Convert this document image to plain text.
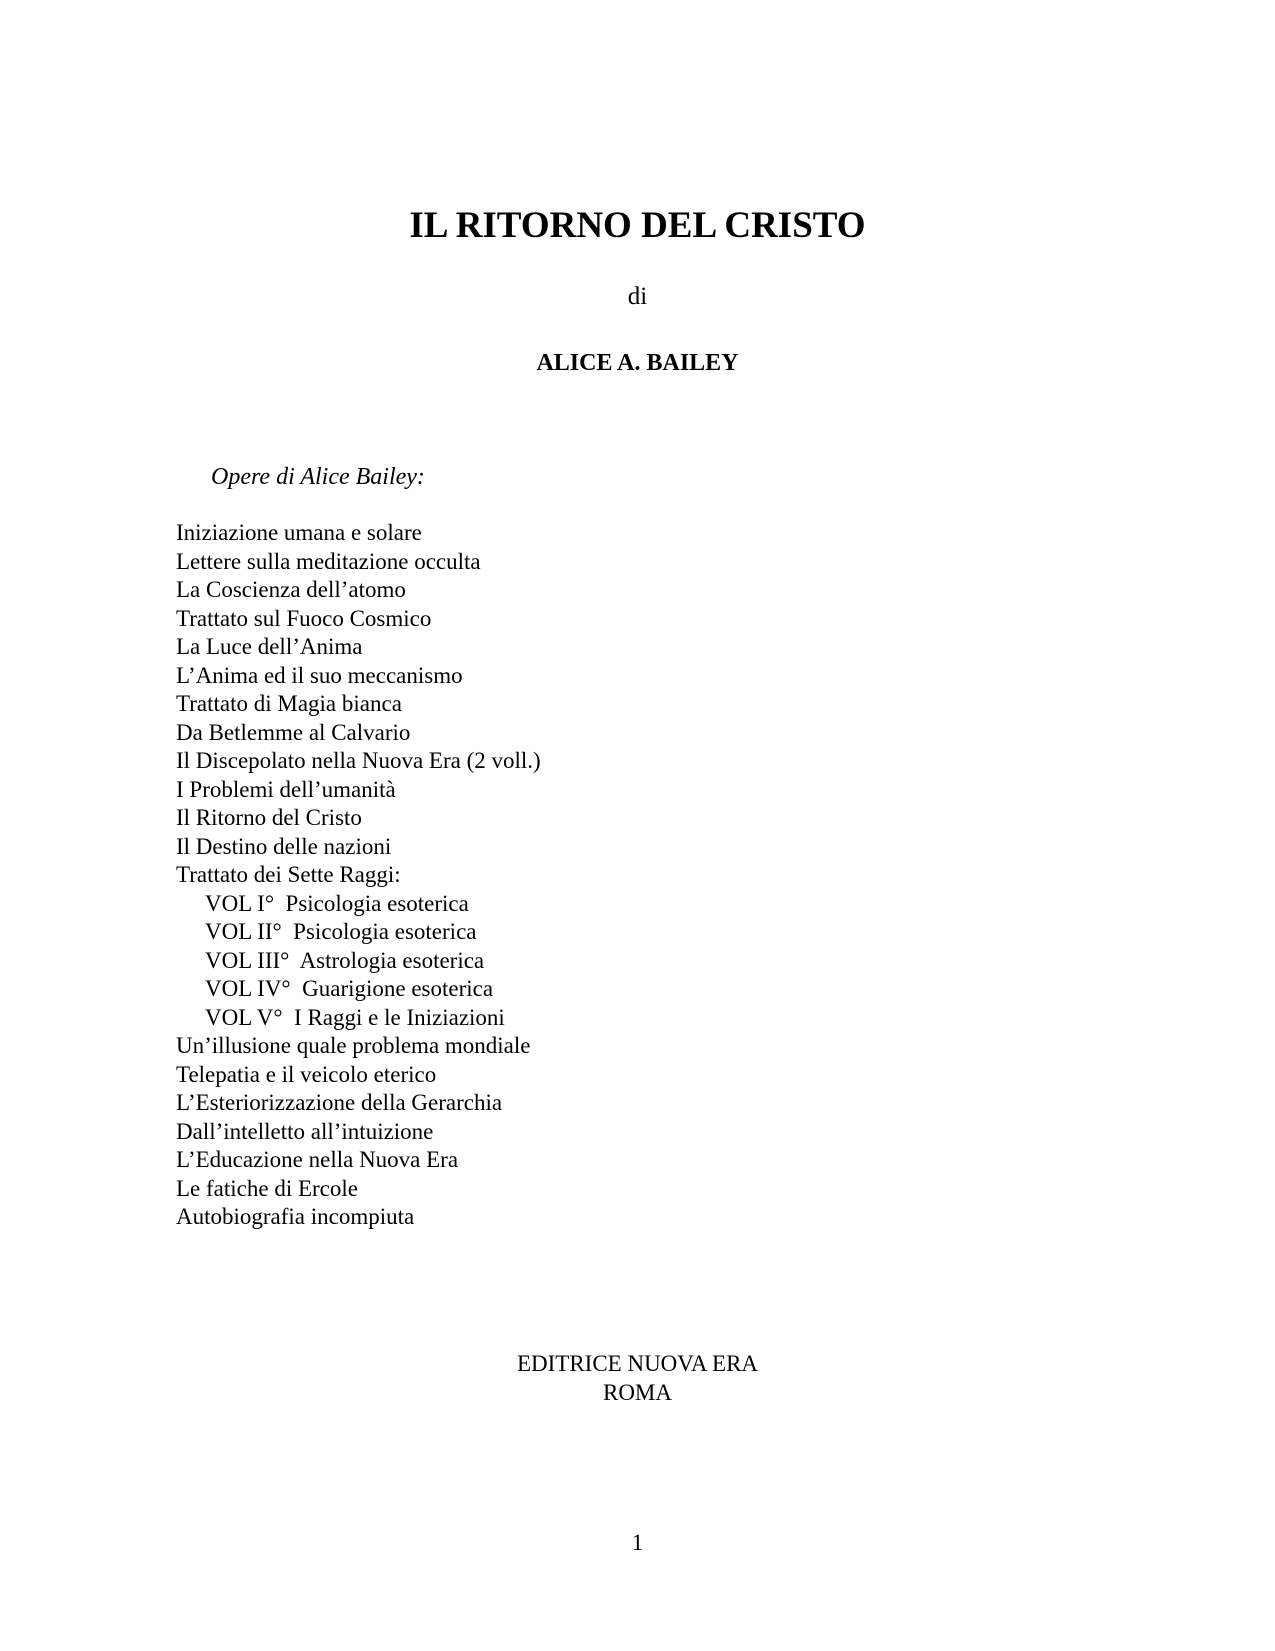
IL RITORNO DEL CRISTO
di
ALICE A. BAILEY
Opere di Alice Bailey:
Iniziazione umana e solare
Lettere sulla meditazione occulta
La Coscienza dell’atomo
Trattato sul Fuoco Cosmico
La Luce dell’Anima
L’Anima ed il suo meccanismo
Trattato di Magia bianca
Da Betlemme al Calvario
Il Discepolato nella Nuova Era (2 voll.)
I Problemi dell’umanità
Il Ritorno del Cristo
Il Destino delle nazioni
Trattato dei Sette Raggi:
VOL I°  Psicologia esoterica
VOL II°  Psicologia esoterica
VOL III°  Astrologia esoterica
VOL IV°  Guarigione esoterica
VOL V°  I Raggi e le Iniziazioni
Un’illusione quale problema mondiale
Telepatia e il veicolo eterico
L’Esteriorizzazione della Gerarchia
Dall’intelletto all’intuizione
L’Educazione nella Nuova Era
Le fatiche di Ercole
Autobiografia incompiuta
EDITRICE NUOVA ERA
ROMA
1
